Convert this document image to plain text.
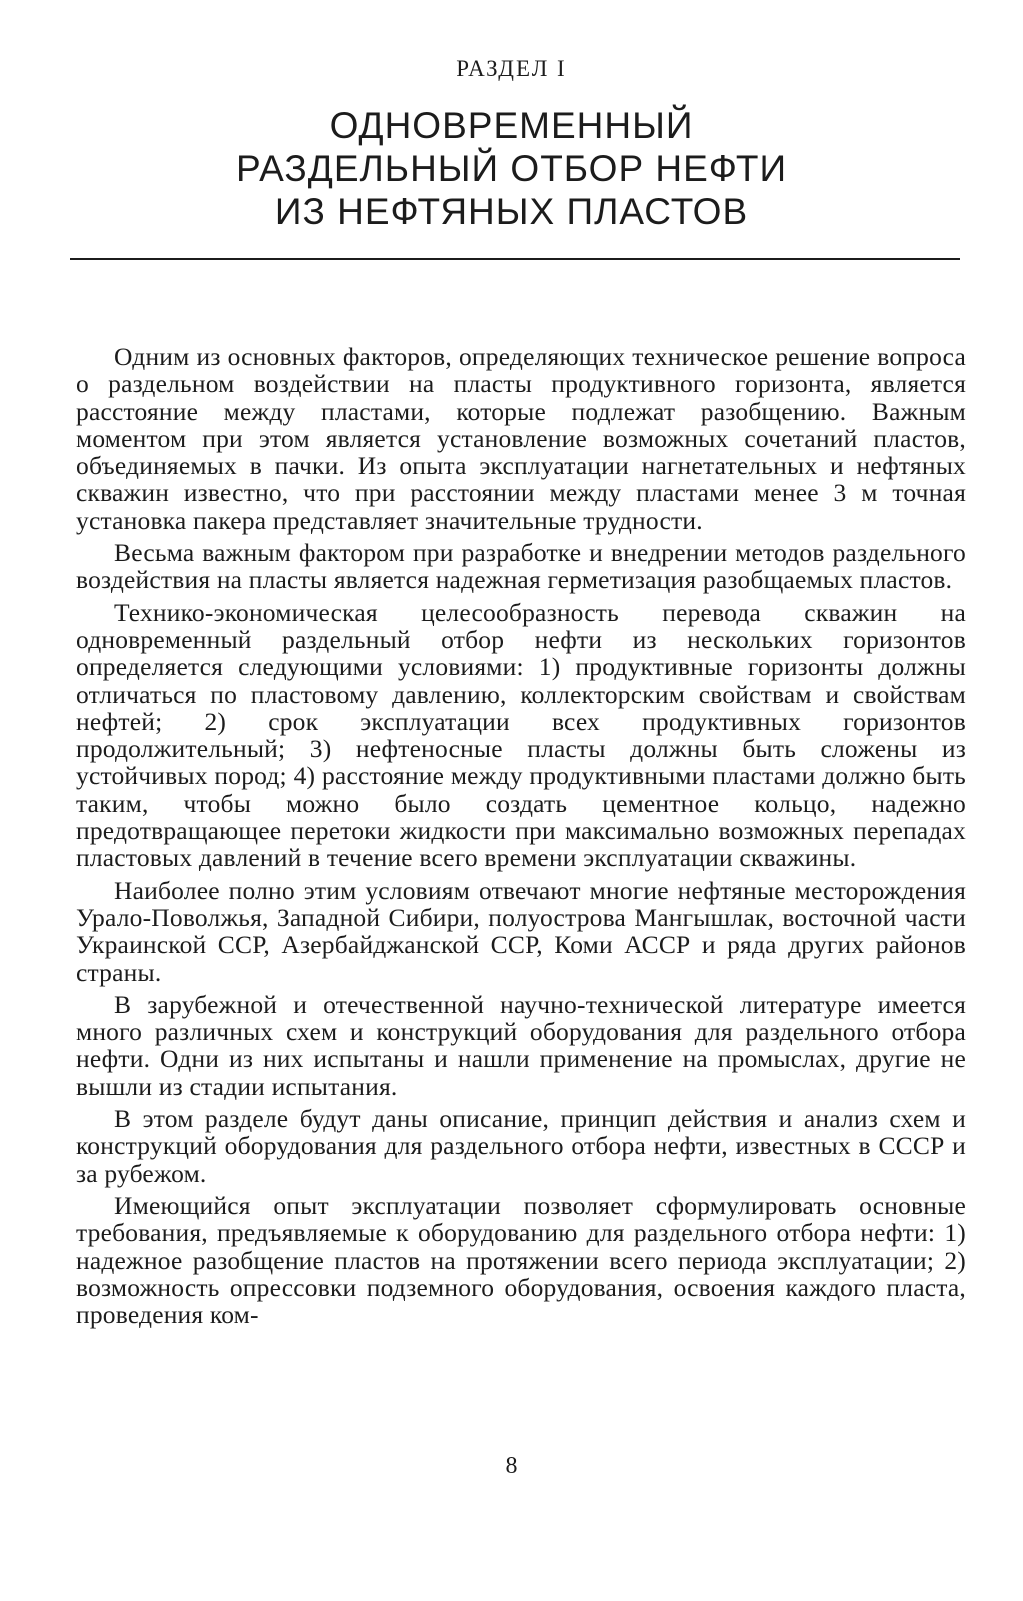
РАЗДЕЛ I
ОДНОВРЕМЕННЫЙ
РАЗДЕЛЬНЫЙ ОТБОР НЕФТИ
ИЗ НЕФТЯНЫХ ПЛАСТОВ

Одним из основных факторов, определяющих техническое решение вопроса о раздельном воздействии на пласты продуктивного горизонта, является расстояние между пластами, которые подлежат разобщению. Важным моментом при этом является установление возможных сочетаний пластов, объединяемых в пачки. Из опыта эксплуатации нагнетательных и нефтяных скважин известно, что при расстоянии между пластами менее 3 м точная установка пакера представляет значительные трудности.

Весьма важным фактором при разработке и внедрении методов раздельного воздействия на пласты является надежная герметизация разобщаемых пластов.

Технико-экономическая целесообразность перевода скважин на одновременный раздельный отбор нефти из нескольких горизонтов определяется следующими условиями: 1) продуктивные горизонты должны отличаться по пластовому давлению, коллекторским свойствам и свойствам нефтей; 2) срок эксплуатации всех продуктивных горизонтов продолжительный; 3) нефтеносные пласты должны быть сложены из устойчивых пород; 4) расстояние между продуктивными пластами должно быть таким, чтобы можно было создать цементное кольцо, надежно предотвращающее перетоки жидкости при максимально возможных перепадах пластовых давлений в течение всего времени эксплуатации скважины.

Наиболее полно этим условиям отвечают многие нефтяные месторождения Урало-Поволжья, Западной Сибири, полуострова Мангышлак, восточной части Украинской ССР, Азербайджанской ССР, Коми АССР и ряда других районов страны.

В зарубежной и отечественной научно-технической литературе имеется много различных схем и конструкций оборудования для раздельного отбора нефти. Одни из них испытаны и нашли применение на промыслах, другие не вышли из стадии испытания.

В этом разделе будут даны описание, принцип действия и анализ схем и конструкций оборудования для раздельного отбора нефти, известных в СССР и за рубежом.

Имеющийся опыт эксплуатации позволяет сформулировать основные требования, предъявляемые к оборудованию для раздельного отбора нефти: 1) надежное разобщение пластов на протяжении всего периода эксплуатации; 2) возможность опрессовки подземного оборудования, освоения каждого пласта, проведения ком-

8
